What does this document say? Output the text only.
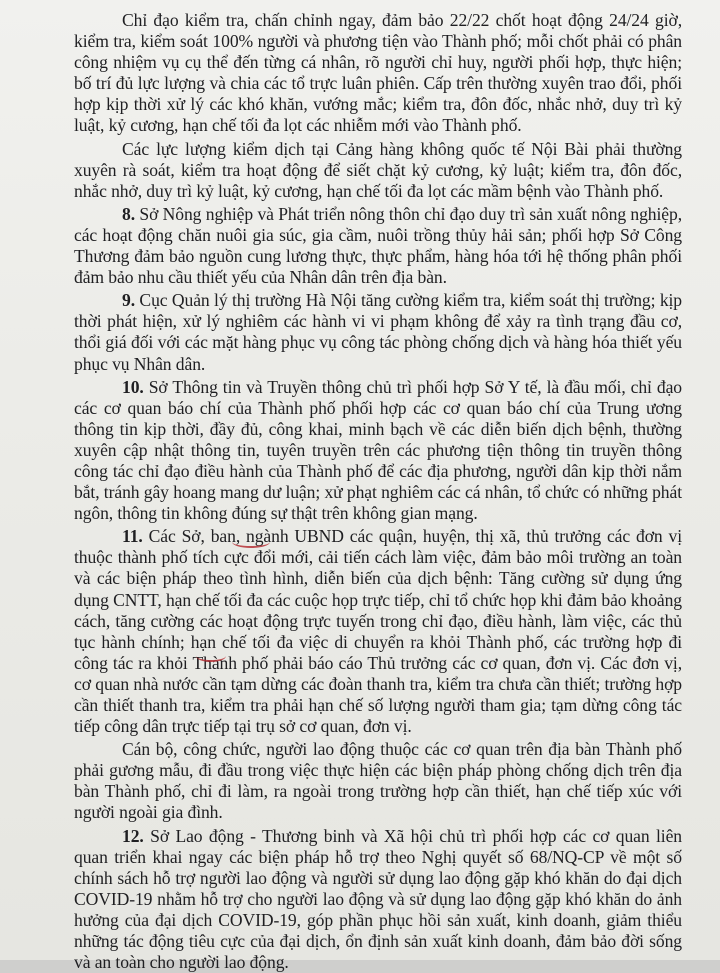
Chỉ đạo kiểm tra, chấn chỉnh ngay, đảm bảo 22/22 chốt hoạt động 24/24 giờ, kiểm tra, kiểm soát 100% người và phương tiện vào Thành phố; mỗi chốt phải có phân công nhiệm vụ cụ thể đến từng cá nhân, rõ người chỉ huy, người phối hợp, thực hiện; bố trí đủ lực lượng và chia các tổ trực luân phiên. Cấp trên thường xuyên trao đổi, phối hợp kịp thời xử lý các khó khăn, vướng mắc; kiểm tra, đôn đốc, nhắc nhở, duy trì kỷ luật, kỷ cương, hạn chế tối đa lọt các nhiễm mới vào Thành phố.

Các lực lượng kiểm dịch tại Cảng hàng không quốc tế Nội Bài phải thường xuyên rà soát, kiểm tra hoạt động để siết chặt kỷ cương, kỷ luật; kiểm tra, đôn đốc, nhắc nhở, duy trì kỷ luật, kỷ cương, hạn chế tối đa lọt các mầm bệnh vào Thành phố.

8. Sở Nông nghiệp và Phát triển nông thôn chỉ đạo duy trì sản xuất nông nghiệp, các hoạt động chăn nuôi gia súc, gia cầm, nuôi trồng thủy hải sản; phối hợp Sở Công Thương đảm bảo nguồn cung lương thực, thực phẩm, hàng hóa tới hệ thống phân phối đảm bảo nhu cầu thiết yếu của Nhân dân trên địa bàn.

9. Cục Quản lý thị trường Hà Nội tăng cường kiểm tra, kiểm soát thị trường; kịp thời phát hiện, xử lý nghiêm các hành vi vi phạm không để xảy ra tình trạng đầu cơ, thổi giá đối với các mặt hàng phục vụ công tác phòng chống dịch và hàng hóa thiết yếu phục vụ Nhân dân.

10. Sở Thông tin và Truyền thông chủ trì phối hợp Sở Y tế, là đầu mối, chỉ đạo các cơ quan báo chí của Thành phố phối hợp các cơ quan báo chí của Trung ương thông tin kịp thời, đầy đủ, công khai, minh bạch về các diễn biến dịch bệnh, thường xuyên cập nhật thông tin, tuyên truyền trên các phương tiện thông tin truyền thông công tác chỉ đạo điều hành của Thành phố để các địa phương, người dân kịp thời nắm bắt, tránh gây hoang mang dư luận; xử phạt nghiêm các cá nhân, tổ chức có những phát ngôn, thông tin không đúng sự thật trên không gian mạng.

11. Các Sở, ban, ngành UBND các quận, huyện, thị xã, thủ trưởng các đơn vị thuộc thành phố tích cực đổi mới, cải tiến cách làm việc, đảm bảo môi trường an toàn và các biện pháp theo tình hình, diễn biến của dịch bệnh: Tăng cường sử dụng ứng dụng CNTT, hạn chế tối đa các cuộc họp trực tiếp, chỉ tổ chức họp khi đảm bảo khoảng cách, tăng cường các hoạt động trực tuyến trong chỉ đạo, điều hành, làm việc, các thủ tục hành chính; hạn chế tối đa việc di chuyển ra khỏi Thành phố, các trường hợp đi công tác ra khỏi Thành phố phải báo cáo Thủ trưởng các cơ quan, đơn vị. Các đơn vị, cơ quan nhà nước cần tạm dừng các đoàn thanh tra, kiểm tra chưa cần thiết; trường hợp cần thiết thanh tra, kiểm tra phải hạn chế số lượng người tham gia; tạm dừng công tác tiếp công dân trực tiếp tại trụ sở cơ quan, đơn vị.

Cán bộ, công chức, người lao động thuộc các cơ quan trên địa bàn Thành phố phải gương mẫu, đi đầu trong việc thực hiện các biện pháp phòng chống dịch trên địa bàn Thành phố, chỉ đi làm, ra ngoài trong trường hợp cần thiết, hạn chế tiếp xúc với người ngoài gia đình.

12. Sở Lao động - Thương binh và Xã hội chủ trì phối hợp các cơ quan liên quan triển khai ngay các biện pháp hỗ trợ theo Nghị quyết số 68/NQ-CP về một số chính sách hỗ trợ người lao động và người sử dụng lao động gặp khó khăn do đại dịch COVID-19 nhằm hỗ trợ cho người lao động và sử dụng lao động gặp khó khăn do ảnh hưởng của đại dịch COVID-19, góp phần phục hồi sản xuất, kinh doanh, giảm thiểu những tác động tiêu cực của đại dịch, ổn định sản xuất kinh doanh, đảm bảo đời sống và an toàn cho người lao động.
